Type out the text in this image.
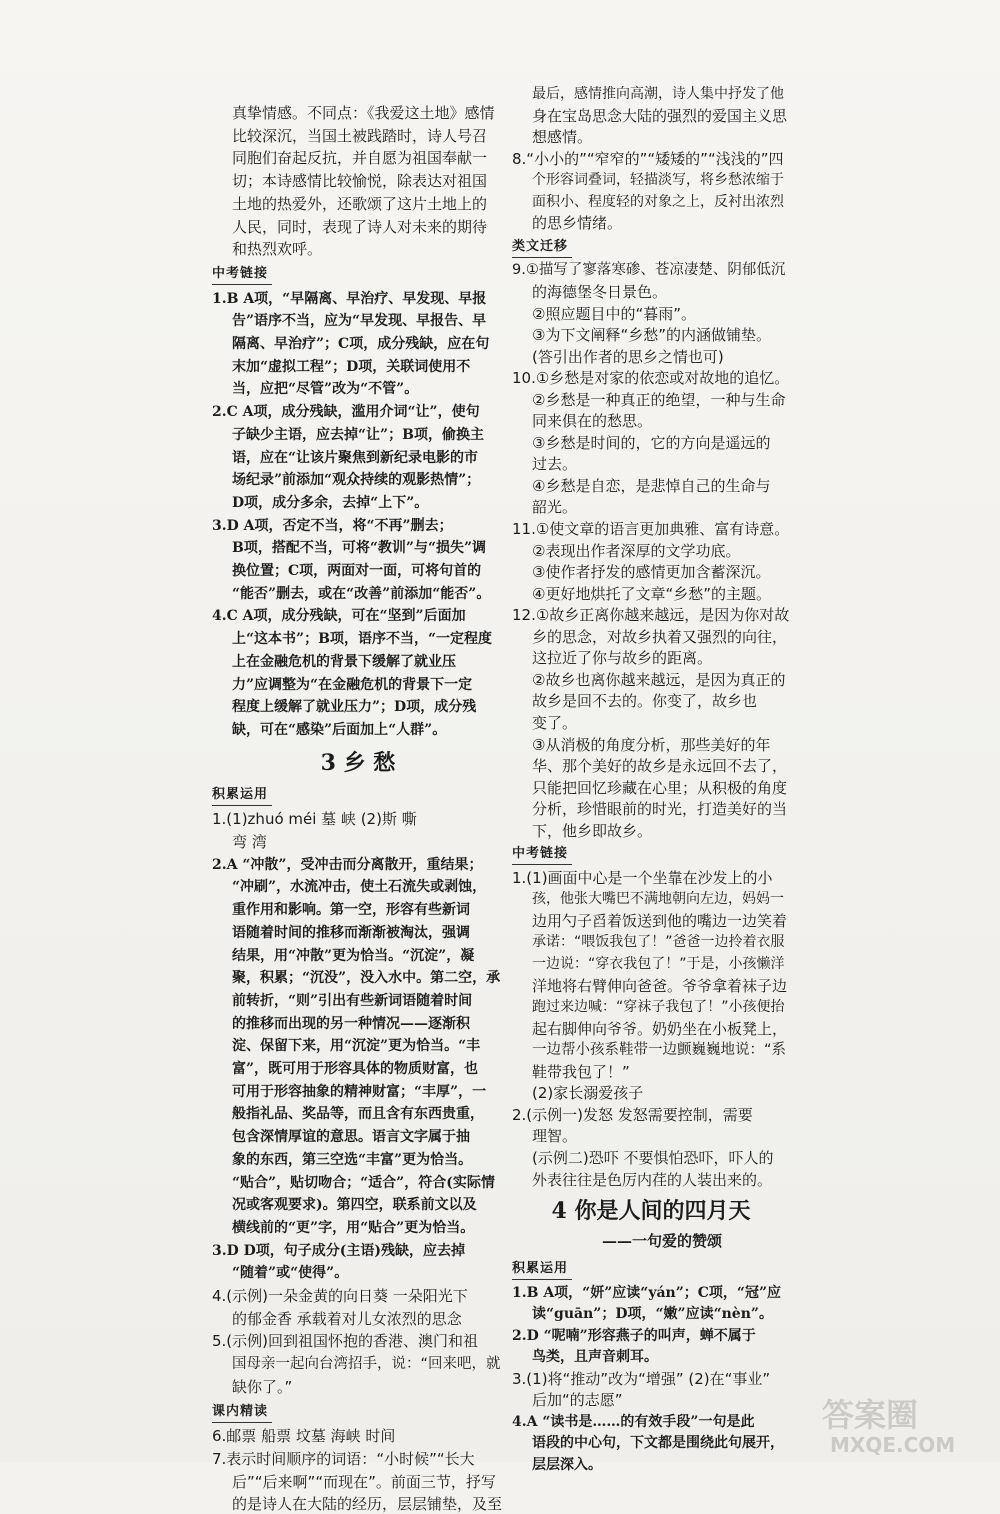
真挚情感。不同点：《我爱这土地》感情
比较深沉，当国土被践踏时，诗人号召
同胞们奋起反抗，并自愿为祖国奉献一
切；本诗感情比较愉悦，除表达对祖国
土地的热爱外，还歌颂了这片土地上的
人民，同时，表现了诗人对未来的期待
和热烈欢呼。
中考链接
1.B A项，“早隔离、早治疗、早发现、早报
告”语序不当，应为“早发现、早报告、早
隔离、早治疗”；C项，成分残缺，应在句
末加“虚拟工程”；D项，关联词使用不
当，应把“尽管”改为“不管”。
2.C A项，成分残缺，滥用介词“让”，使句
子缺少主语，应去掉“让”；B项，偷换主
语，应在“让该片聚焦到新纪录电影的市
场纪录”前添加“观众持续的观影热情”；
D项，成分多余，去掉“上下”。
3.D A项，否定不当，将“不再”删去；
B项，搭配不当，可将“教训”与“损失”调
换位置；C项，两面对一面，可将句首的
“能否”删去，或在“改善”前添加“能否”。
4.C A项，成分残缺，可在“坚到”后面加
上“这本书”；B项，语序不当，“一定程度
上在金融危机的背景下缓解了就业压
力”应调整为“在金融危机的背景下一定
程度上缓解了就业压力”；D项，成分残
缺，可在“感染”后面加上“人群”。
3 乡 愁
积累运用
1.(1)zhuó méi 墓 峡 (2)斯 嘶
弯 湾
2.A “冲散”，受冲击而分离散开，重结果；
“冲刷”，水流冲击，使土石流失或剥蚀，
重作用和影响。第一空，形容有些新词
语随着时间的推移而渐渐被淘汰，强调
结果，用“冲散”更为恰当。“沉淀”，凝
聚，积累；“沉没”，没入水中。第二空，承
前转折，“则”引出有些新词语随着时间
的推移而出现的另一种情况——逐渐积
淀、保留下来，用“沉淀”更为恰当。“丰
富”，既可用于形容具体的物质财富，也
可用于形容抽象的精神财富；“丰厚”，一
般指礼品、奖品等，而且含有东西贵重，
包含深情厚谊的意思。语言文字属于抽
象的东西，第三空选“丰富”更为恰当。
“贴合”，贴切吻合；“适合”，符合(实际情
况或客观要求)。第四空，联系前文以及
横线前的“更”字，用“贴合”更为恰当。
3.D D项，句子成分(主语)残缺，应去掉
“随着”或“使得”。
4.(示例)一朵金黄的向日葵 一朵阳光下
的郁金香 承载着对儿女浓烈的思念
5.(示例)回到祖国怀抱的香港、澳门和祖
国母亲一起向台湾招手，说：“回来吧，就
缺你了。”
课内精读
6.邮票 船票 坟墓 海峡 时间
7.表示时间顺序的词语：“小时候”“长大
后”“后来啊”“而现在”。前面三节，抒写
的是诗人在大陆的经历，层层铺垫，及至
最后，感情推向高潮，诗人集中抒发了他
身在宝岛思念大陆的强烈的爱国主义思
想感情。
8.“小小的”“窄窄的”“矮矮的”“浅浅的”四
个形容词叠词，轻描淡写，将乡愁浓缩于
面积小、程度轻的对象之上，反衬出浓烈
的思乡情绪。
类文迁移
9.①描写了寥落寒碜、苍凉凄楚、阴郁低沉
的海德堡冬日景色。
②照应题目中的“暮雨”。
③为下文阐释“乡愁”的内涵做铺垫。
(答引出作者的思乡之情也可)
10.①乡愁是对家的依恋或对故地的追忆。
②乡愁是一种真正的绝望，一种与生命
同来俱在的愁思。
③乡愁是时间的，它的方向是遥远的
过去。
④乡愁是自恋，是悲悼自己的生命与
韶光。
11.①使文章的语言更加典雅、富有诗意。
②表现出作者深厚的文学功底。
③使作者抒发的感情更加含蓄深沉。
④更好地烘托了文章“乡愁”的主题。
12.①故乡正离你越来越远，是因为你对故
乡的思念，对故乡执着又强烈的向往，
这拉近了你与故乡的距离。
②故乡也离你越来越远，是因为真正的
故乡是回不去的。你变了，故乡也
变了。
③从消极的角度分析，那些美好的年
华、那个美好的故乡是永远回不去了，
只能把回忆珍藏在心里；从积极的角度
分析，珍惜眼前的时光，打造美好的当
下，他乡即故乡。
中考链接
1.(1)画面中心是一个坐靠在沙发上的小
孩，他张大嘴巴不满地朝向左边，妈妈一
边用勺子舀着饭送到他的嘴边一边笑着
承诺：“喂饭我包了！”爸爸一边拎着衣服
一边说：“穿衣我包了！”于是，小孩懒洋
洋地将右臂伸向爸爸。爷爷拿着袜子边
跑过来边喊：“穿袜子我包了！”小孩便抬
起右脚伸向爷爷。奶奶坐在小板凳上，
一边帮小孩系鞋带一边颤巍巍地说：“系
鞋带我包了！”
(2)家长溺爱孩子
2.(示例一)发怒 发怒需要控制，需要
理智。
(示例二)恐吓 不要惧怕恐吓，吓人的
外表往往是色厉内荏的人装出来的。
4 你是人间的四月天
——一句爱的赞颂
积累运用
1.B A项，“妍”应读“yán”；C项，“冠”应
读“guān”；D项，“嫩”应读“nèn”。
2.D “呢喃”形容燕子的叫声，蝉不属于
鸟类，且声音刺耳。
3.(1)将“推动”改为“增强” (2)在“事业”
后加“的志愿”
4.A “读书是……的有效手段”一句是此
语段的中心句，下文都是围绕此句展开，
层层深入。
答案圈
MXQE.COM
